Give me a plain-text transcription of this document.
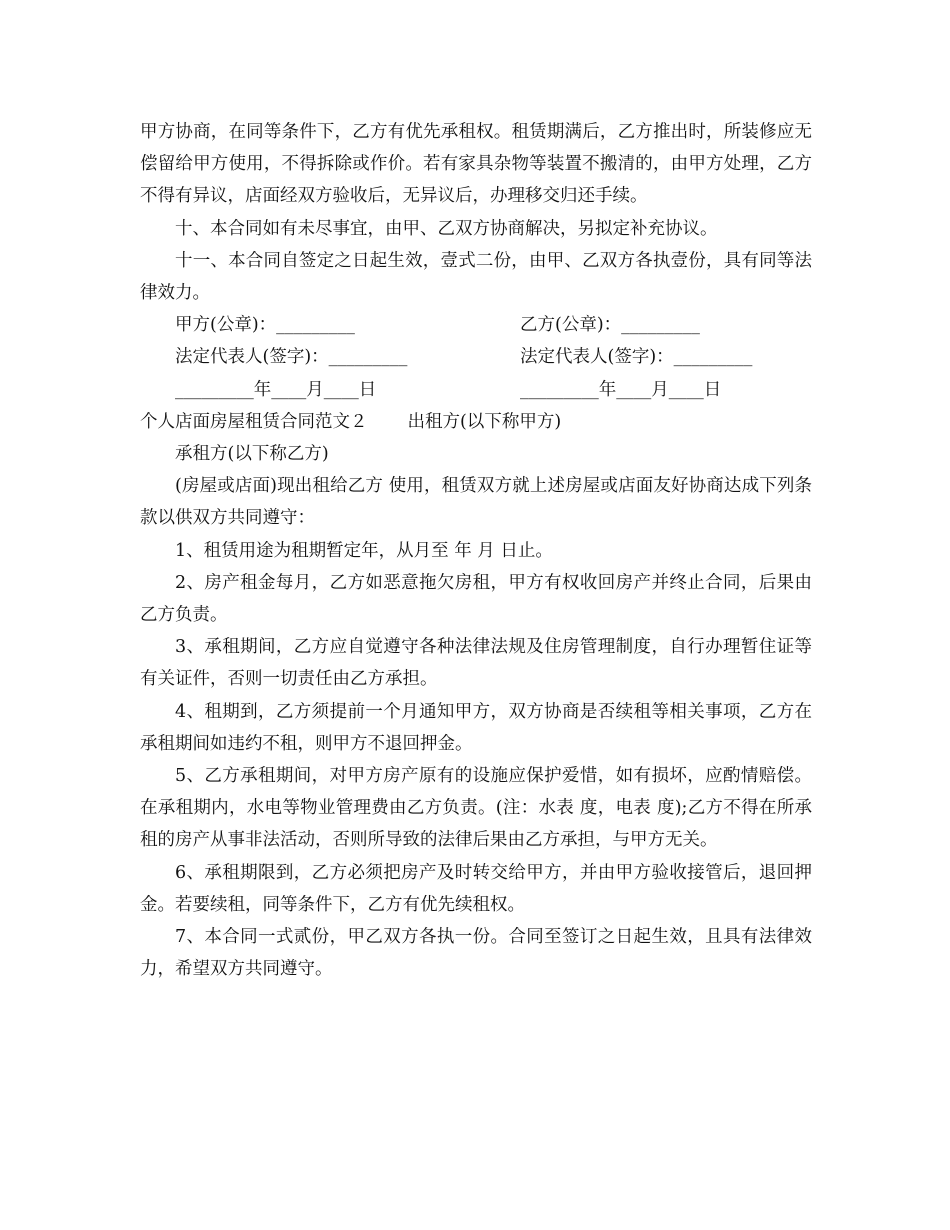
甲方协商，在同等条件下，乙方有优先承租权。租赁期满后，乙方推出时，所装修应无偿留给甲方使用，不得拆除或作价。若有家具杂物等装置不搬清的，由甲方处理，乙方不得有异议，店面经双方验收后，无异议后，办理移交归还手续。

十、本合同如有未尽事宜，由甲、乙双方协商解决，另拟定补充协议。

十一、本合同自签定之日起生效，壹式二份，由甲、乙双方各执壹份，具有同等法律效力。

甲方(公章)：_________	乙方(公章)：_________
法定代表人(签字)：_________	法定代表人(签字)：_________
_________年____月____日	_________年____月____日
个人店面房屋租赁合同范文２ 出租方(以下称甲方)

承租方(以下称乙方)

(房屋或店面)现出租给乙方 使用，租赁双方就上述房屋或店面友好协商达成下列条款以供双方共同遵守：

1、租赁用途为租期暂定年，从月至 年 月 日止。

2、房产租金每月，乙方如恶意拖欠房租，甲方有权收回房产并终止合同，后果由乙方负责。

3、承租期间，乙方应自觉遵守各种法律法规及住房管理制度，自行办理暂住证等有关证件，否则一切责任由乙方承担。

4、租期到，乙方须提前一个月通知甲方，双方协商是否续租等相关事项，乙方在承租期间如违约不租，则甲方不退回押金。

5、乙方承租期间，对甲方房产原有的设施应保护爱惜，如有损坏，应酌情赔偿。在承租期内，水电等物业管理费由乙方负责。(注：水表 度，电表 度);乙方不得在所承租的房产从事非法活动，否则所导致的法律后果由乙方承担，与甲方无关。

6、承租期限到，乙方必须把房产及时转交给甲方，并由甲方验收接管后，退回押金。若要续租，同等条件下，乙方有优先续租权。

7、本合同一式贰份，甲乙双方各执一份。合同至签订之日起生效，且具有法律效力，希望双方共同遵守。
